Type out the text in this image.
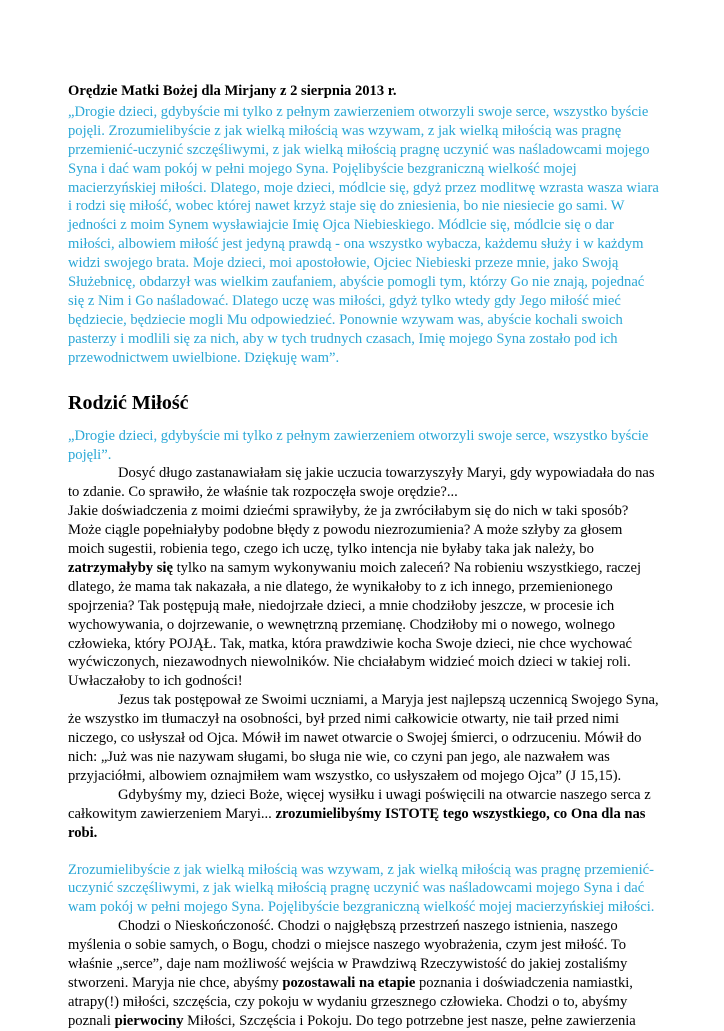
Orędzie Matki Bożej dla Mirjany z 2 sierpnia 2013 r.

„Drogie dzieci, gdybyście mi tylko z pełnym zawierzeniem otworzyli swoje serce, wszystko byście pojęli. Zrozumielibyście z jak wielką miłością was wzywam, z jak wielką miłością was pragnę przemienić-uczynić szczęśliwymi, z jak wielką miłością pragnę uczynić was naśladowcami mojego Syna i dać wam pokój w pełni mojego Syna. Pojęlibyście bezgraniczną wielkość mojej macierzyńskiej miłości. Dlatego, moje dzieci, módlcie się, gdyż przez modlitwę wzrasta wasza wiara i rodzi się miłość, wobec której nawet krzyż staje się do zniesienia, bo nie niesiecie go sami. W jedności z moim Synem wysławiajcie Imię Ojca Niebieskiego. Módlcie się, módlcie się o dar miłości, albowiem miłość jest jedyną prawdą - ona wszystko wybacza, każdemu służy i w każdym widzi swojego brata. Moje dzieci, moi apostołowie, Ojciec Niebieski przeze mnie, jako Swoją Służebnicę, obdarzył was wielkim zaufaniem, abyście pomogli tym, którzy Go nie znają, pojednać się z Nim i Go naśladować. Dlatego uczę was miłości, gdyż tylko wtedy gdy Jego miłość mieć będziecie, będziecie mogli Mu odpowiedzieć. Ponownie wzywam was, abyście kochali swoich pasterzy i modlili się za nich, aby w tych trudnych czasach, Imię mojego Syna zostało pod ich przewodnictwem uwielbione. Dziękuję wam”.

Rodzić Miłość

„Drogie dzieci, gdybyście mi tylko z pełnym zawierzeniem otworzyli swoje serce, wszystko byście pojęli”.

Dosyć długo zastanawiałam się jakie uczucia towarzyszyły Maryi, gdy wypowiadała do nas to zdanie. Co sprawiło, że właśnie tak rozpoczęła swoje orędzie?...

Jakie doświadczenia z moimi dziećmi sprawiłyby, że ja zwróciłabym się do nich w taki sposób? Może ciągle popełniałyby podobne błędy z powodu niezrozumienia? A może szłyby za głosem moich sugestii, robienia tego, czego ich uczę, tylko intencja nie byłaby taka jak należy, bo zatrzymałyby się tylko na samym wykonywaniu moich zaleceń? Na robieniu wszystkiego, raczej dlatego, że mama tak nakazała, a nie dlatego, że wynikałoby to z ich innego, przemienionego spojrzenia? Tak postępują małe, niedojrzałe dzieci, a mnie chodziłoby jeszcze, w procesie ich wychowywania, o dojrzewanie, o wewnętrzną przemianę. Chodziłoby mi o nowego, wolnego człowieka, który POJĄŁ. Tak, matka, która prawdziwie kocha Swoje dzieci, nie chce wychować wyćwiczonych, niezawodnych niewolników. Nie chciałabym widzieć moich dzieci w takiej roli. Uwłaczałoby to ich godności!

Jezus tak postępował ze Swoimi uczniami, a Maryja jest najlepszą uczennicą Swojego Syna, że wszystko im tłumaczył na osobności, był przed nimi całkowicie otwarty, nie taił przed nimi niczego, co usłyszał od Ojca. Mówił im nawet otwarcie o Swojej śmierci, o odrzuceniu. Mówił do nich: „Już was nie nazywam sługami, bo sługa nie wie, co czyni pan jego, ale nazwałem was przyjaciółmi, albowiem oznajmiłem wam wszystko, co usłyszałem od mojego Ojca” (J 15,15).

Gdybyśmy my, dzieci Boże, więcej wysiłku i uwagi poświęcili na otwarcie naszego serca z całkowitym zawierzeniem Maryi... zrozumielibyśmy ISTOTĘ tego wszystkiego, co Ona dla nas robi.

Zrozumielibyście z jak wielką miłością was wzywam, z jak wielką miłością was pragnę przemienić-uczynić szczęśliwymi, z jak wielką miłością pragnę uczynić was naśladowcami mojego Syna i dać wam pokój w pełni mojego Syna. Pojęlibyście bezgraniczną wielkość mojej macierzyńskiej miłości.

Chodzi o Nieskończoność. Chodzi o najgłębszą przestrzeń naszego istnienia, naszego myślenia o sobie samych, o Bogu, chodzi o miejsce naszego wyobrażenia, czym jest miłość. To właśnie „serce”, daje nam możliwość wejścia w Prawdziwą Rzeczywistość do jakiej zostaliśmy stworzeni. Maryja nie chce, abyśmy pozostawali na etapie poznania i doświadczenia namiastki, atrapy(!) miłości, szczęścia, czy pokoju w wydaniu grzesznego człowieka. Chodzi o to, abyśmy poznali pierwociny Miłości, Szczęścia i Pokoju. Do tego potrzebne jest nasze, pełne zawierzenia
